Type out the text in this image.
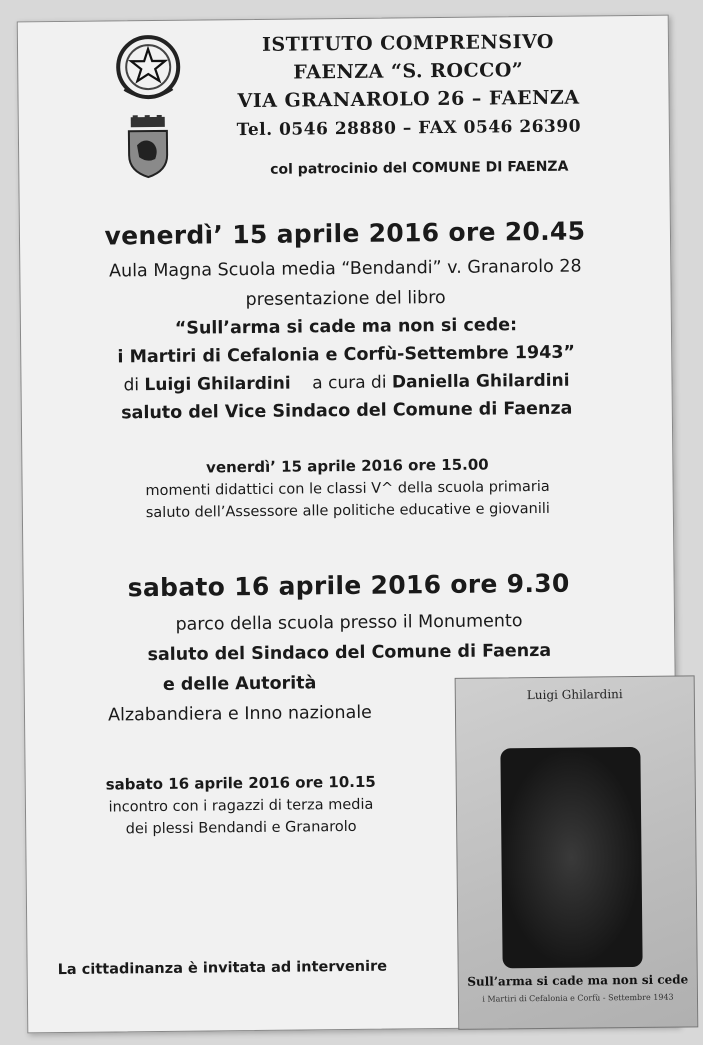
ISTITUTO COMPRENSIVO
FAENZA “S. ROCCO”
VIA GRANAROLO 26 – FAENZA
Tel. 0546 28880 – FAX 0546 26390
col patrocinio del COMUNE DI FAENZA
venerdì’ 15 aprile 2016 ore 20.45
Aula Magna Scuola media “Bendandi” v. Granarolo 28
presentazione del libro
“Sull’arma si cade ma non si cede:
i Martiri di Cefalonia e Corfù-Settembre 1943”
di Luigi Ghilardini a cura di Daniella Ghilardini
saluto del Vice Sindaco del Comune di Faenza
venerdì’ 15 aprile 2016 ore 15.00
momenti didattici con le classi V^ della scuola primaria
saluto dell’Assessore alle politiche educative e giovanili
sabato 16 aprile 2016 ore 9.30
parco della scuola presso il Monumento
saluto del Sindaco del Comune di Faenza
e delle Autorità
Alzabandiera e Inno nazionale
sabato 16 aprile 2016 ore 10.15
incontro con i ragazzi di terza media
dei plessi Bendandi e Granarolo
La cittadinanza è invitata ad intervenire
Luigi Ghilardini
Sull’arma si cade ma non si cede
i Martiri di Cefalonia e Corfù - Settembre 1943
